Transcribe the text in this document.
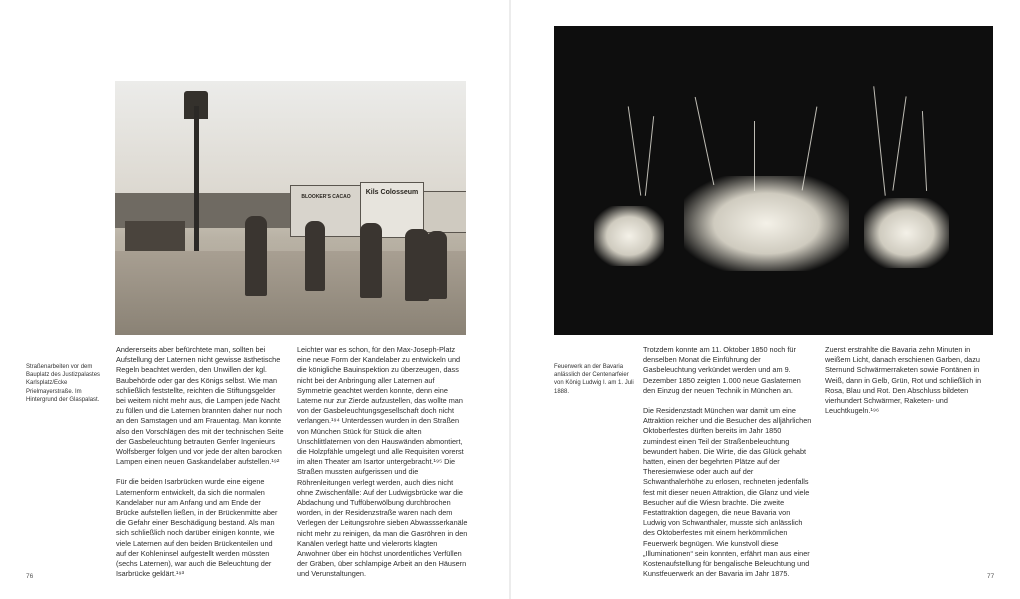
BLOOKER'S CACAO
Kils Colosseum
Straßenarbeiten vor dem Bauplatz des Justizpalastes Karlsplatz/Ecke Prielmayerstraße. Im Hintergrund der Glaspalast.

Andererseits aber befürchtete man, sollten bei Aufstellung der Laternen nicht gewisse ästhetische Regeln beachtet werden, den Unwillen der kgl. Baubehörde oder gar des Königs selbst. Wie man schließlich feststellte, reichten die Stiftungsgelder bei weitem nicht mehr aus, die Lampen jede Nacht zu füllen und die Laternen brannten daher nur noch an den Samstagen und am Frauentag. Man konnte also den Vorschlägen des mit der technischen Seite der Gasbeleuchtung betrauten Genfer Ingenieurs Wolfsberger folgen und vor jede der alten barocken Lampen einen neuen Gaskandelaber aufstellen.¹⁹²

Für die beiden Isarbrücken wurde eine eigene Laternenform entwickelt, da sich die normalen Kandelaber nur am Anfang und am Ende der Brücke aufstellen ließen, in der Brückenmitte aber die Gefahr einer Beschädigung bestand. Als man sich schließlich noch darüber einigen konnte, wie viele Laternen auf den beiden Brückenteilen und auf der Kohleninsel aufgestellt werden müssten (sechs Laternen), war auch die Beleuchtung der Isarbrücke geklärt.¹⁹³

Leichter war es schon, für den Max-Joseph-Platz eine neue Form der Kandelaber zu entwickeln und die königliche Bauinspektion zu überzeugen, dass nicht bei der Anbringung aller Laternen auf Symmetrie geachtet werden konnte, denn eine Laterne nur zur Zierde aufzustellen, das wollte man von der Gasbeleuchtungsgesellschaft doch nicht verlangen.¹⁹⁴ Unterdessen wurden in den Straßen von München Stück für Stück die alten Unschlittlaternen von den Hauswänden abmontiert, die Holzpfähle umgelegt und alle Requisiten vorerst im alten Theater am Isartor untergebracht.¹⁹⁵ Die Straßen mussten aufgerissen und die Röhrenleitungen verlegt werden, auch dies nicht ohne Zwischenfälle: Auf der Ludwigsbrücke war die Abdachung und Tuffüberwölbung durchbrochen worden, in der Residenzstraße waren nach dem Verlegen der Leitungsrohre sieben Abwassserkanäle nicht mehr zu reinigen, da man die Gasröhren in den Kanälen verlegt hatte und vielerorts klagten Anwohner über ein höchst unordentliches Verfüllen der Gräben, über schlampige Arbeit an den Häusern und Verunstaltungen.

76
Feuerwerk an der Bavaria anlässlich der Centenarfeier von König Ludwig I. am 1. Juli 1888.

Trotzdem konnte am 11. Oktober 1850 noch für denselben Monat die Einführung der Gasbeleuchtung verkündet werden und am 9. Dezember 1850 zeigten 1.000 neue Gaslaternen den Einzug der neuen Technik in München an.

Die Residenzstadt München war damit um eine Attraktion reicher und die Besucher des alljährlichen Oktoberfestes dürften bereits im Jahr 1850 zumindest einen Teil der Straßenbeleuchtung bewundert haben. Die Wirte, die das Glück gehabt hatten, einen der begehrten Plätze auf der Theresienwiese oder auch auf der Schwanthalerhöhe zu erlosen, rechneten jedenfalls fest mit dieser neuen Attraktion, die Glanz und viele Besucher auf die Wiesn brachte. Die zweite Festattraktion dagegen, die neue Bavaria von Ludwig von Schwanthaler, musste sich anlässlich des Oktoberfestes mit einem herkömmlichen Feuerwerk begnügen. Wie kunstvoll diese „Illuminationen“ sein konnten, erfährt man aus einer Kostenaufstellung für bengalische Beleuchtung und Kunstfeuerwerk an der Bavaria im Jahr 1875.

Zuerst erstrahlte die Bavaria zehn Minuten in weißem Licht, danach erschienen Garben, dazu Sternund Schwärmerraketen sowie Fontänen in Weiß, dann in Gelb, Grün, Rot und schließlich in Rosa, Blau und Rot. Den Abschluss bildeten vierhundert Schwärmer, Raketen- und Leuchtkugeln.¹⁹⁶

77
